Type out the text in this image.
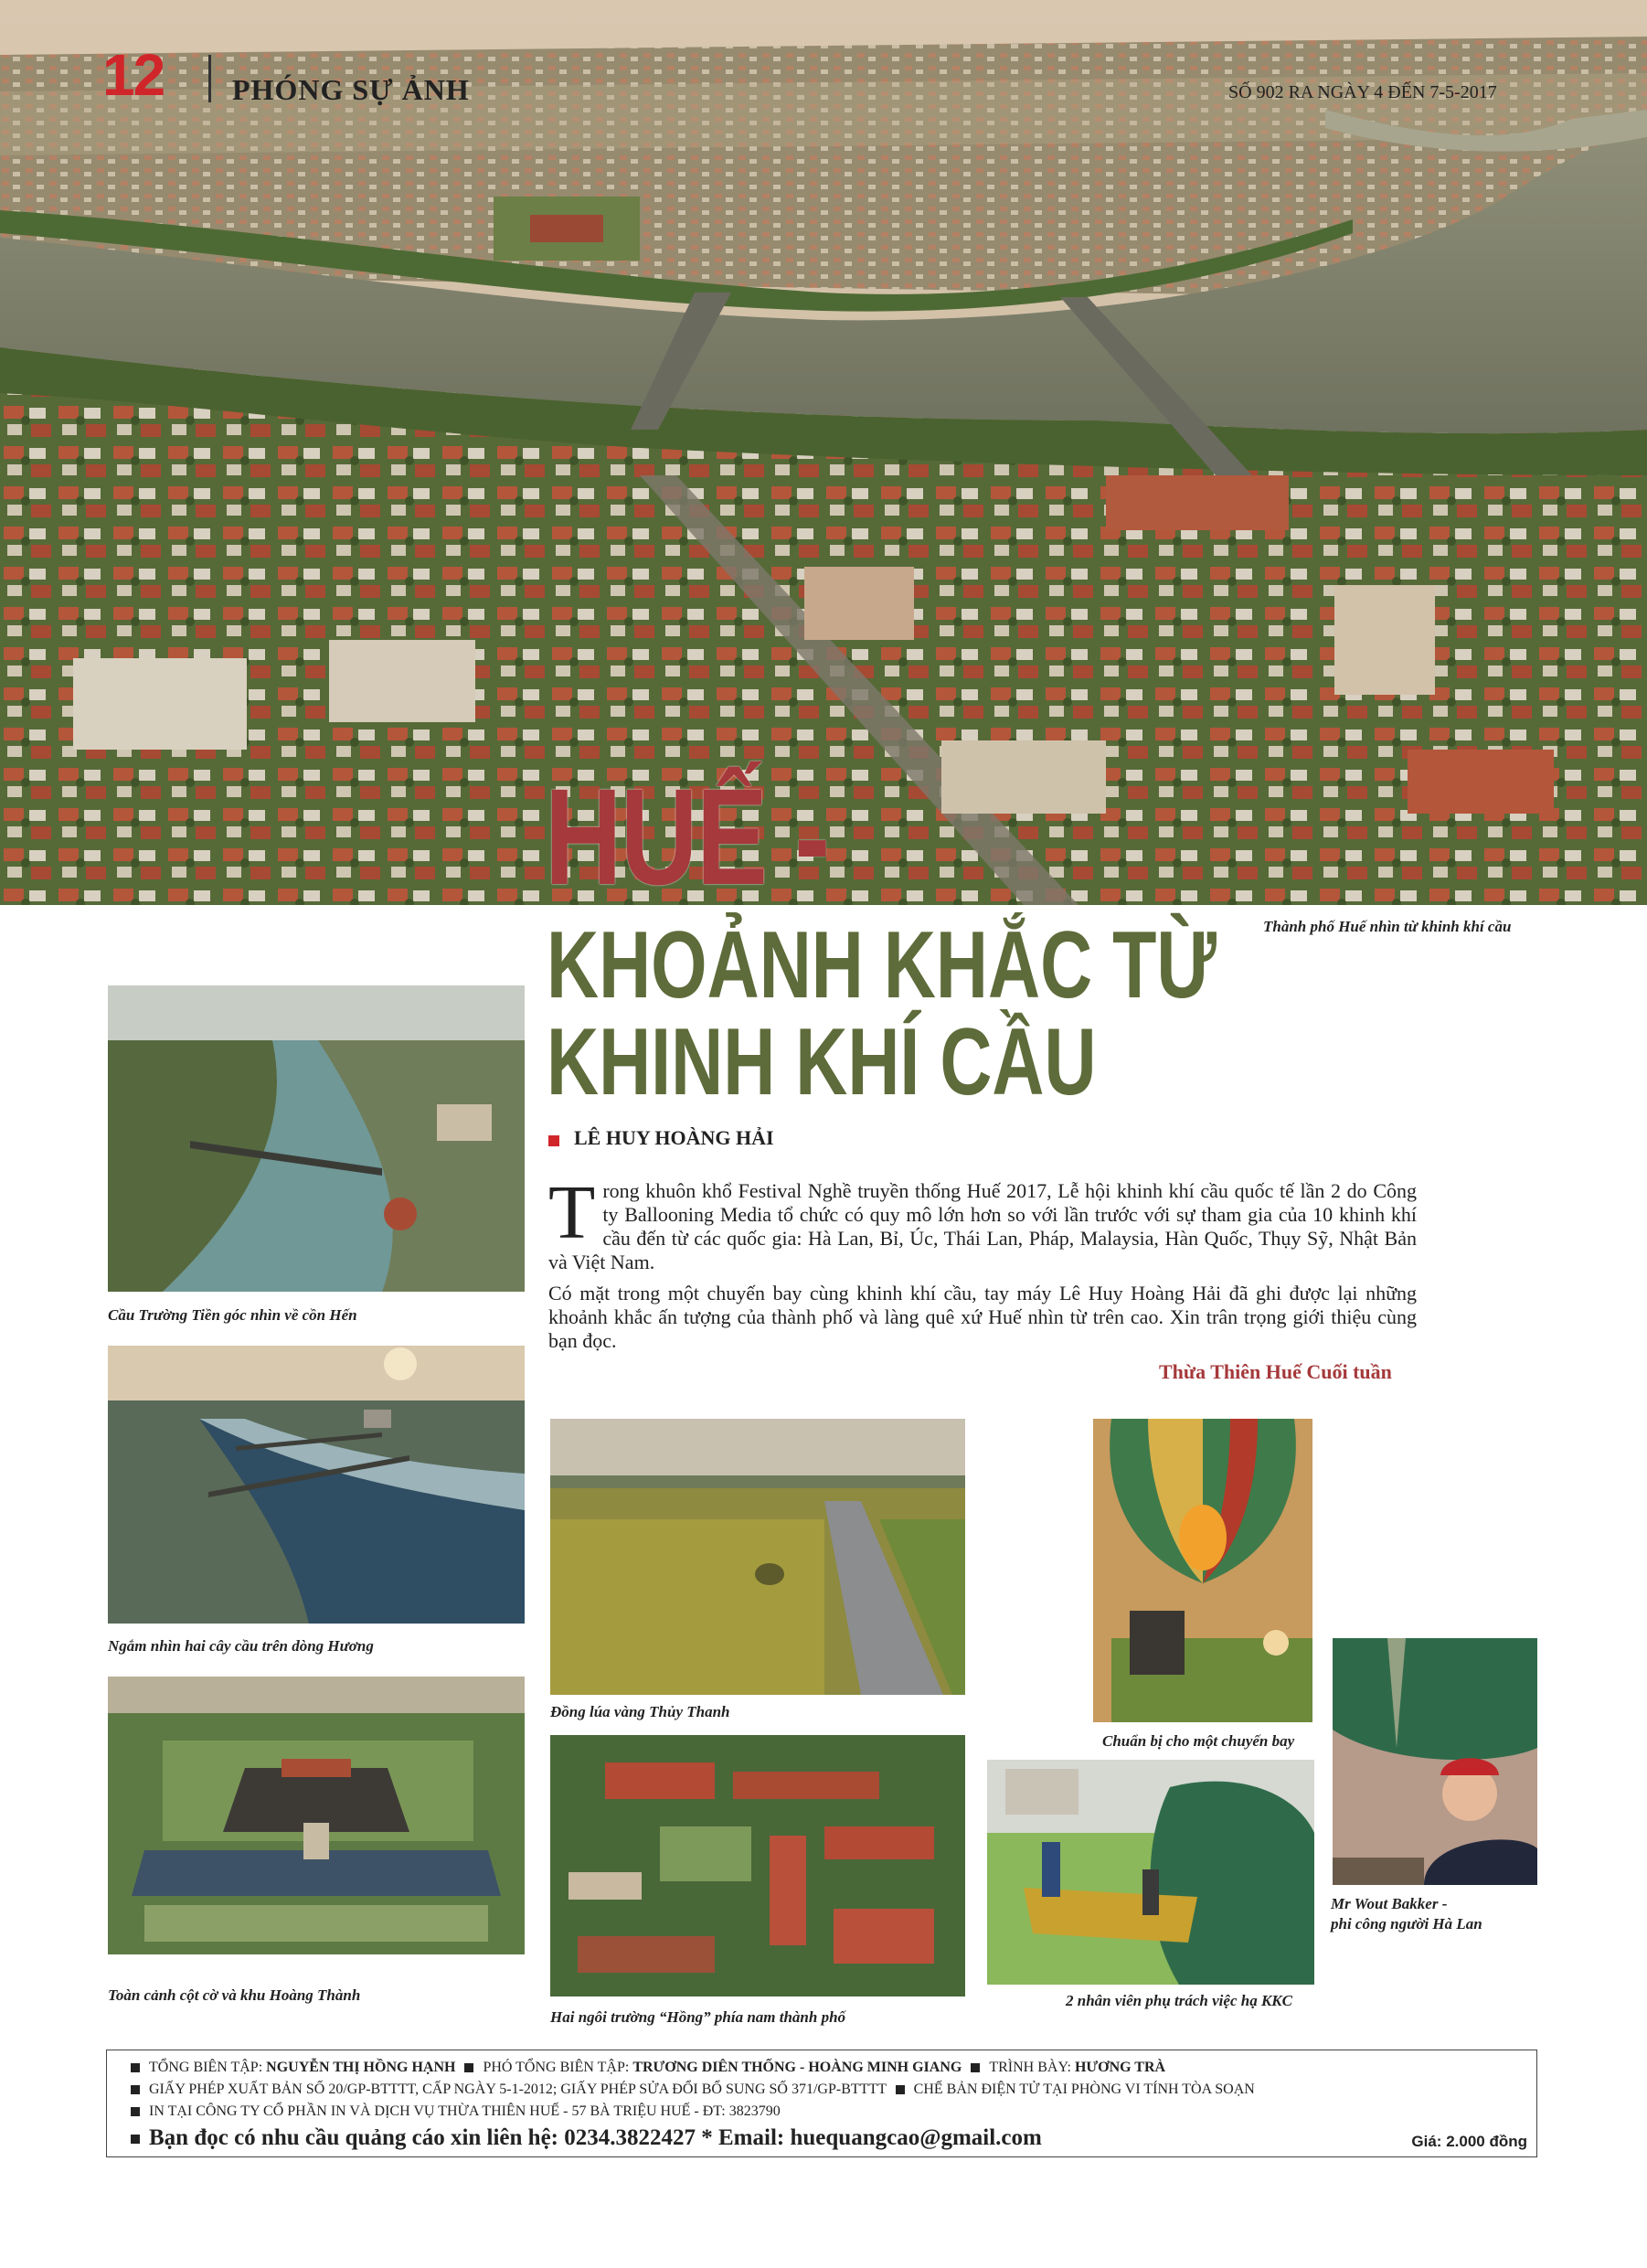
12 PHÓNG SỰ ẢNH	SỐ 902 RA NGÀY 4 ĐẾN 7-5-2017
HUẾ -
KHOẢNH KHẮC TỪ
KHINH KHÍ CẦU
Thành phố Huế nhìn từ khinh khí cầu
LÊ HUY HOÀNG HẢI

Trong khuôn khổ Festival Nghề truyền thống Huế 2017, Lễ hội khinh khí cầu quốc tế lần 2 do Công ty Ballooning Media tổ chức có quy mô lớn hơn so với lần trước với sự tham gia của 10 khinh khí cầu đến từ các quốc gia: Hà Lan, Bỉ, Úc, Thái Lan, Pháp, Malaysia, Hàn Quốc, Thụy Sỹ, Nhật Bản và Việt Nam.

Có mặt trong một chuyến bay cùng khinh khí cầu, tay máy Lê Huy Hoàng Hải đã ghi được lại những khoảnh khắc ấn tượng của thành phố và làng quê xứ Huế nhìn từ trên cao. Xin trân trọng giới thiệu cùng bạn đọc.

Thừa Thiên Huế Cuối tuần
Cầu Trường Tiền góc nhìn về cồn Hến
Ngắm nhìn hai cây cầu trên dòng Hương
Toàn cảnh cột cờ và khu Hoàng Thành
Đồng lúa vàng Thủy Thanh
Hai ngôi trường “Hồng” phía nam thành phố
Chuẩn bị cho một chuyến bay
2 nhân viên phụ trách việc hạ KKC
Mr Wout Bakker -
phi công người Hà Lan
TỔNG BIÊN TẬP: NGUYỄN THỊ HỒNG HẠNH PHÓ TỔNG BIÊN TẬP: TRƯƠNG DIÊN THỐNG - HOÀNG MINH GIANG TRÌNH BÀY: HƯƠNG TRÀ
GIẤY PHÉP XUẤT BẢN SỐ 20/GP-BTTTT, CẤP NGÀY 5-1-2012; GIẤY PHÉP SỬA ĐỔI BỔ SUNG SỐ 371/GP-BTTTT CHẾ BẢN ĐIỆN TỬ TẠI PHÒNG VI TÍNH TÒA SOẠN
IN TẠI CÔNG TY CỔ PHẦN IN VÀ DỊCH VỤ THỪA THIÊN HUẾ - 57 BÀ TRIỆU HUẾ - ĐT: 3823790
Bạn đọc có nhu cầu quảng cáo xin liên hệ: 0234.3822427 * Email: huequangcao@gmail.com	Giá: 2.000 đồng
